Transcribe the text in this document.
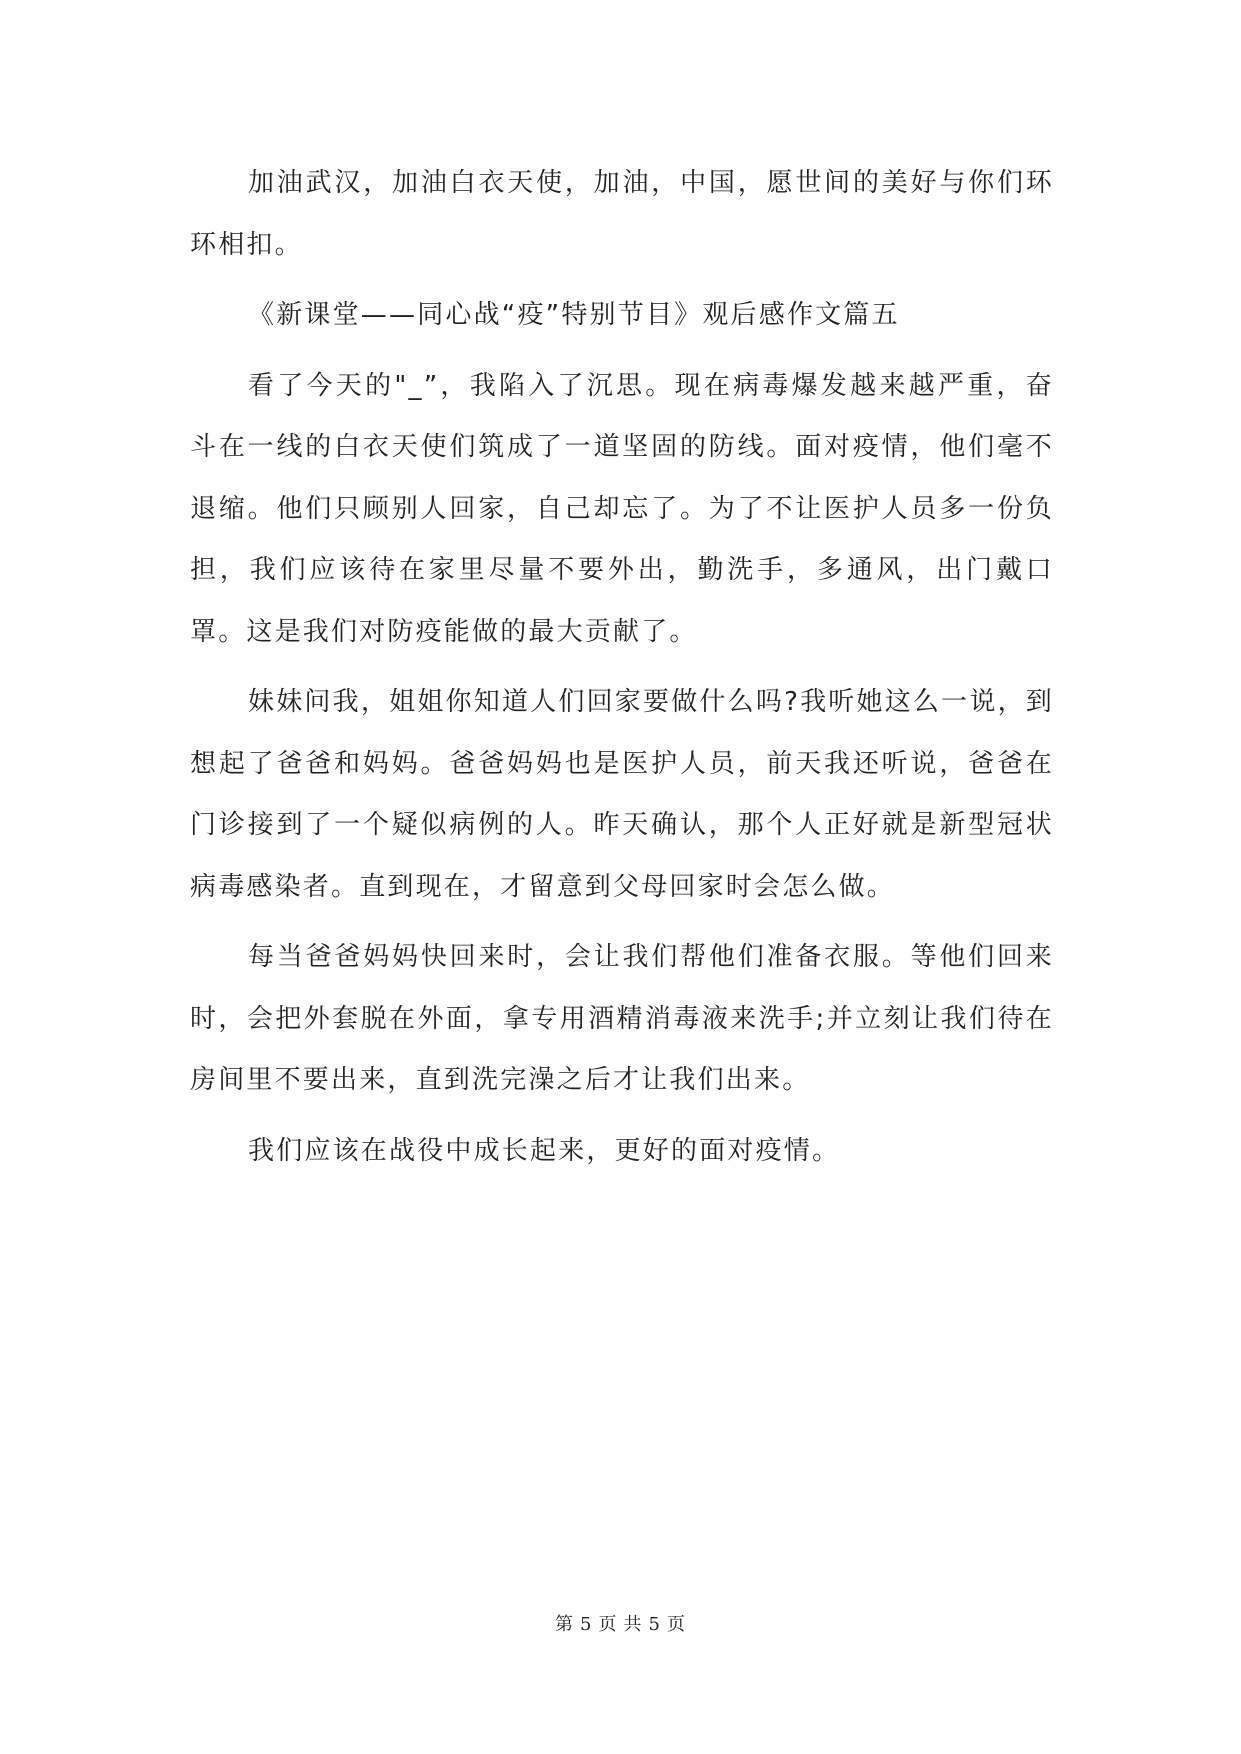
加油武汉，加油白衣天使，加油，中国，愿世间的美好与你们环环相扣。

《新课堂——同心战“疫”特别节目》观后感作文篇五

看了今天的"_”，我陷入了沉思。现在病毒爆发越来越严重，奋斗在一线的白衣天使们筑成了一道坚固的防线。面对疫情，他们毫不退缩。他们只顾别人回家，自己却忘了。为了不让医护人员多一份负担，我们应该待在家里尽量不要外出，勤洗手，多通风，出门戴口罩。这是我们对防疫能做的最大贡献了。

妹妹问我，姐姐你知道人们回家要做什么吗?我听她这么一说，到想起了爸爸和妈妈。爸爸妈妈也是医护人员，前天我还听说，爸爸在门诊接到了一个疑似病例的人。昨天确认，那个人正好就是新型冠状病毒感染者。直到现在，才留意到父母回家时会怎么做。

每当爸爸妈妈快回来时，会让我们帮他们准备衣服。等他们回来时，会把外套脱在外面，拿专用酒精消毒液来洗手;并立刻让我们待在房间里不要出来，直到洗完澡之后才让我们出来。

我们应该在战役中成长起来，更好的面对疫情。

第 5 页 共 5 页
